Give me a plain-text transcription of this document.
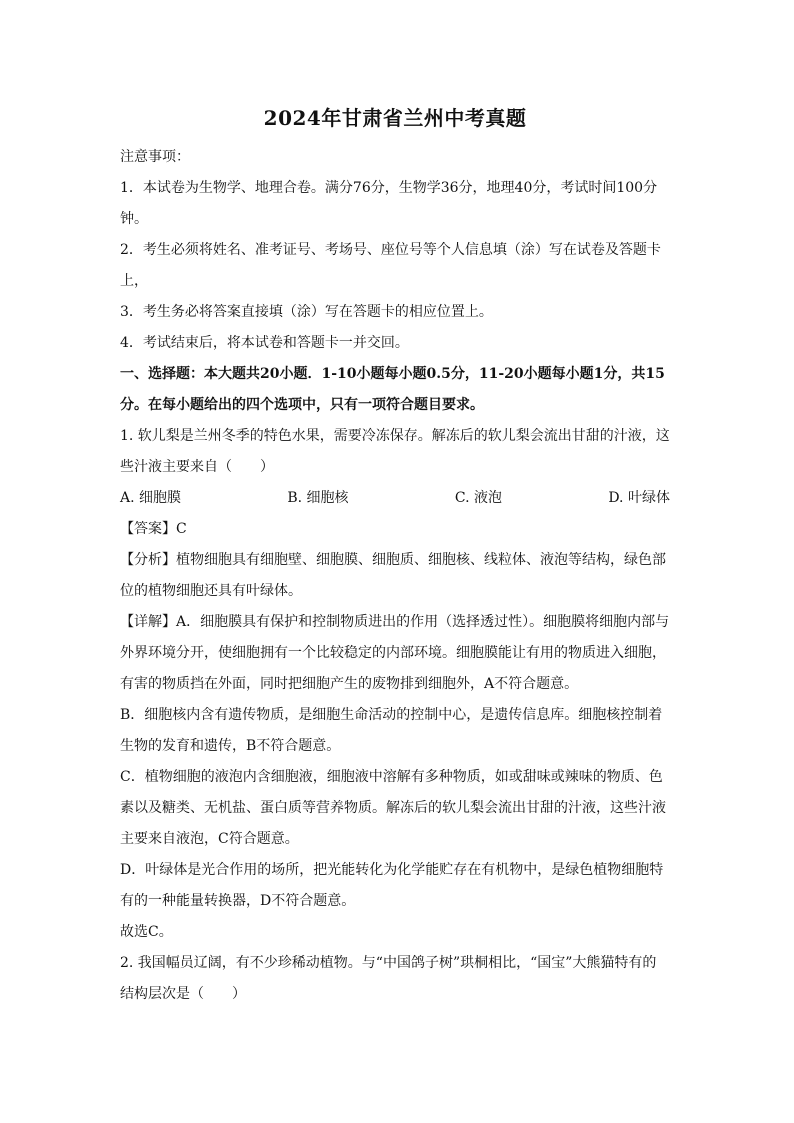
2024年甘肃省兰州中考真题

注意事项：

1．本试卷为生物学、地理合卷。满分76分，生物学36分，地理40分，考试时间100分钟。

2．考生必须将姓名、准考证号、考场号、座位号等个人信息填（涂）写在试卷及答题卡上，

3．考生务必将答案直接填（涂）写在答题卡的相应位置上。

4．考试结束后，将本试卷和答题卡一并交回。

一、选择题：本大题共20小题．1-10小题每小题0.5分，11-20小题每小题1分，共15分。在每小题给出的四个选项中，只有一项符合题目要求。

1. 软儿梨是兰州冬季的特色水果，需要冷冻保存。解冻后的软儿梨会流出甘甜的汁液，这些汁液主要来自（　　）

A. 细胞膜	B. 细胞核	C. 液泡	D. 叶绿体

【答案】C

【分析】植物细胞具有细胞壁、细胞膜、细胞质、细胞核、线粒体、液泡等结构，绿色部位的植物细胞还具有叶绿体。

【详解】A．细胞膜具有保护和控制物质进出的作用（选择透过性）。细胞膜将细胞内部与外界环境分开，使细胞拥有一个比较稳定的内部环境。细胞膜能让有用的物质进入细胞，有害的物质挡在外面，同时把细胞产生的废物排到细胞外，A不符合题意。

B．细胞核内含有遗传物质，是细胞生命活动的控制中心，是遗传信息库。细胞核控制着生物的发育和遗传，B不符合题意。

C．植物细胞的液泡内含细胞液，细胞液中溶解有多种物质，如或甜味或辣味的物质、色素以及糖类、无机盐、蛋白质等营养物质。解冻后的软儿梨会流出甘甜的汁液，这些汁液主要来自液泡，C符合题意。

D．叶绿体是光合作用的场所，把光能转化为化学能贮存在有机物中，是绿色植物细胞特有的一种能量转换器，D不符合题意。

故选C。

2. 我国幅员辽阔，有不少珍稀动植物。与“中国鸽子树”珙桐相比，“国宝”大熊猫特有的结构层次是（　　）
